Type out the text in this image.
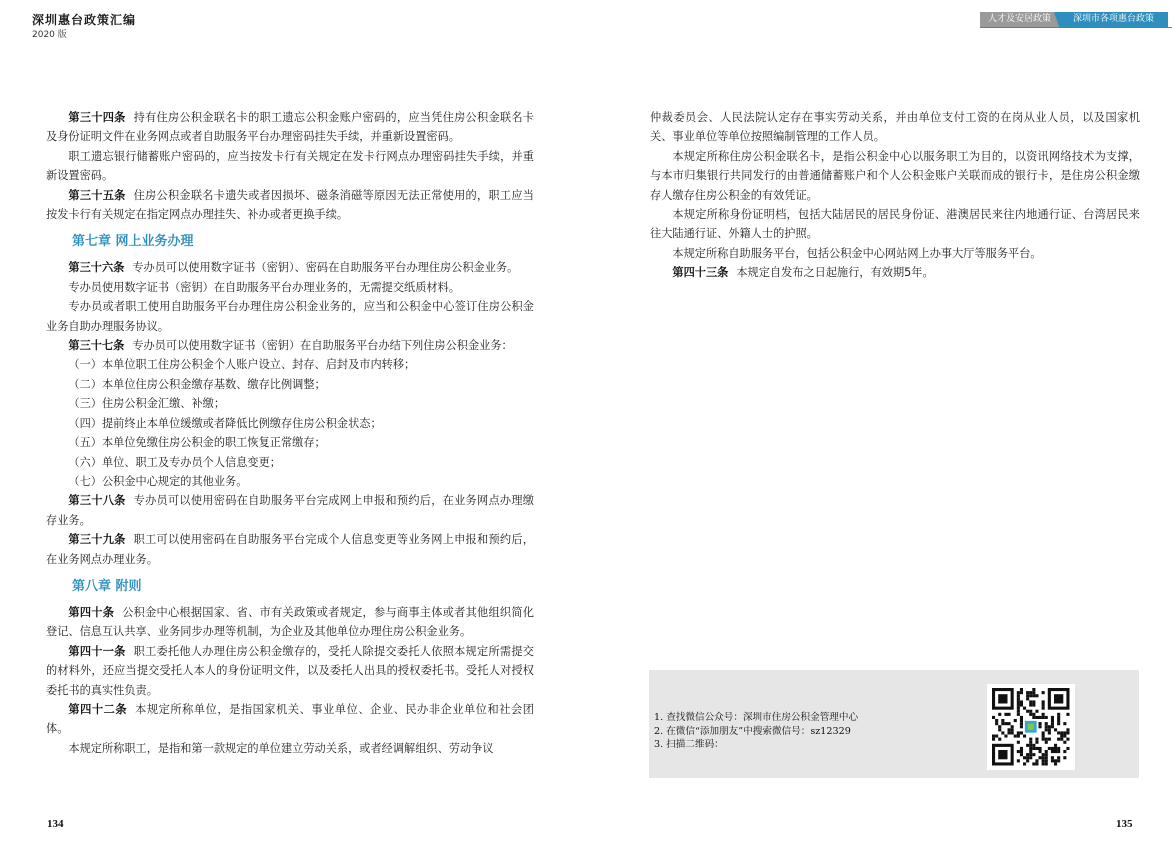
深圳惠台政策汇编
2020 版
人才及安居政策	深圳市各项惠台政策

第三十四条 持有住房公积金联名卡的职工遗忘公积金账户密码的，应当凭住房公积金联名卡及身份证明文件在业务网点或者自助服务平台办理密码挂失手续，并重新设置密码。

职工遗忘银行储蓄账户密码的，应当按发卡行有关规定在发卡行网点办理密码挂失手续，并重新设置密码。

第三十五条 住房公积金联名卡遗失或者因损坏、磁条消磁等原因无法正常使用的，职工应当按发卡行有关规定在指定网点办理挂失、补办或者更换手续。

第七章 网上业务办理

第三十六条 专办员可以使用数字证书（密钥）、密码在自助服务平台办理住房公积金业务。

专办员使用数字证书（密钥）在自助服务平台办理业务的，无需提交纸质材料。

专办员或者职工使用自助服务平台办理住房公积金业务的，应当和公积金中心签订住房公积金业务自助办理服务协议。

第三十七条 专办员可以使用数字证书（密钥）在自助服务平台办结下列住房公积金业务：

（一）本单位职工住房公积金个人账户设立、封存、启封及市内转移；

（二）本单位住房公积金缴存基数、缴存比例调整；

（三）住房公积金汇缴、补缴；

（四）提前终止本单位缓缴或者降低比例缴存住房公积金状态；

（五）本单位免缴住房公积金的职工恢复正常缴存；

（六）单位、职工及专办员个人信息变更；

（七）公积金中心规定的其他业务。

第三十八条 专办员可以使用密码在自助服务平台完成网上申报和预约后，在业务网点办理缴存业务。

第三十九条 职工可以使用密码在自助服务平台完成个人信息变更等业务网上申报和预约后，在业务网点办理业务。

第八章 附则

第四十条 公积金中心根据国家、省、市有关政策或者规定，参与商事主体或者其他组织简化登记、信息互认共享、业务同步办理等机制，为企业及其他单位办理住房公积金业务。

第四十一条 职工委托他人办理住房公积金缴存的，受托人除提交委托人依照本规定所需提交的材料外，还应当提交受托人本人的身份证明文件，以及委托人出具的授权委托书。受托人对授权委托书的真实性负责。

第四十二条 本规定所称单位，是指国家机关、事业单位、企业、民办非企业单位和社会团体。

本规定所称职工，是指和第一款规定的单位建立劳动关系，或者经调解组织、劳动争议

仲裁委员会、人民法院认定存在事实劳动关系，并由单位支付工资的在岗从业人员，以及国家机关、事业单位等单位按照编制管理的工作人员。

本规定所称住房公积金联名卡，是指公积金中心以服务职工为目的，以资讯网络技术为支撑，与本市归集银行共同发行的由普通储蓄账户和个人公积金账户关联而成的银行卡，是住房公积金缴存人缴存住房公积金的有效凭证。

本规定所称身份证明档，包括大陆居民的居民身份证、港澳居民来往内地通行证、台湾居民来往大陆通行证、外籍人士的护照。

本规定所称自助服务平台，包括公积金中心网站网上办事大厅等服务平台。

第四十三条 本规定自发布之日起施行，有效期5年。

1. 查找微信公众号：深圳市住房公积金管理中心
2. 在微信“添加朋友”中搜索微信号：sz12329
3. 扫描二维码：
134	135
